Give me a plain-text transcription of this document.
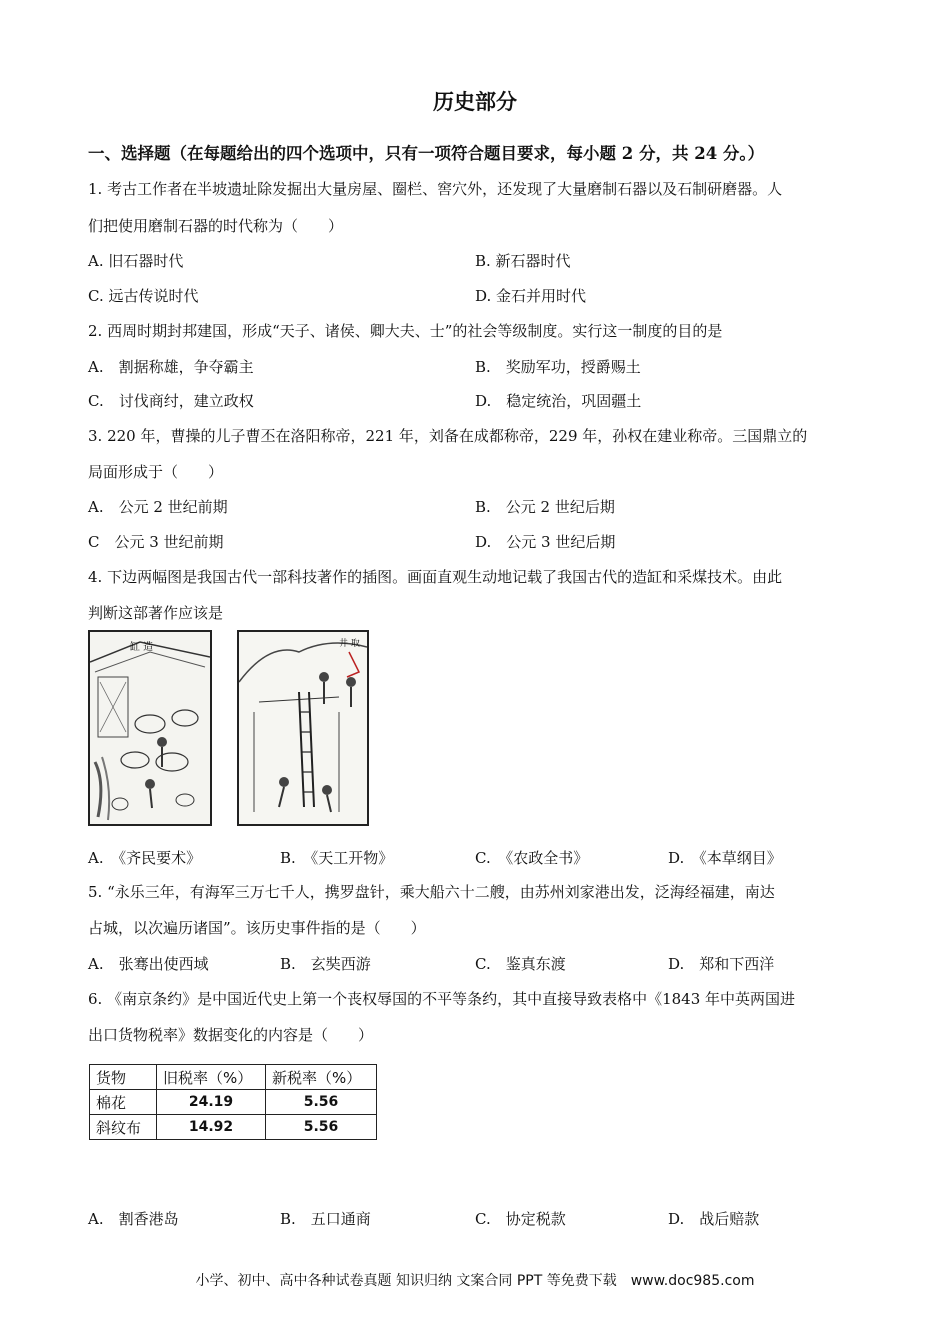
历史部分
一、选择题（在每题给出的四个选项中，只有一项符合题目要求，每小题 2 分，共 24 分。）
1. 考古工作者在半坡遗址除发掘出大量房屋、圈栏、窖穴外，还发现了大量磨制石器以及石制研磨器。人
们把使用磨制石器的时代称为（　　）
A. 旧石器时代	B. 新石器时代
C. 远古传说时代	D. 金石并用时代
2. 西周时期封邦建国，形成“天子、诸侯、卿大夫、士”的社会等级制度。实行这一制度的目的是
A.　割据称雄，争夺霸主	B.　奖励军功，授爵赐土
C.　讨伐商纣，建立政权	D.　稳定统治，巩固疆土
3. 220 年，曹操的儿子曹丕在洛阳称帝，221 年，刘备在成都称帝，229 年，孙权在建业称帝。三国鼎立的
局面形成于（　　）
A.　公元 2 世纪前期	B.　公元 2 世纪后期
C　公元 3 世纪前期	D.　公元 3 世纪后期
4. 下边两幅图是我国古代一部科技著作的插图。画面直观生动地记载了我国古代的造缸和采煤技术。由此
判断这部著作应该是
缸 造	井 取
A.　《齐民要术》	B.　《天工开物》	C.　《农政全书》	D.　《本草纲目》
5. “永乐三年，有海军三万七千人，携罗盘针，乘大船六十二艘，由苏州刘家港出发，泛海经福建，南达
占城，以次遍历诸国”。该历史事件指的是（　　）
A.　张骞出使西域	B.　玄奘西游	C.　鉴真东渡	D.　郑和下西洋
6. 《南京条约》是中国近代史上第一个丧权辱国的不平等条约，其中直接导致表格中《1843 年中英两国进
出口货物税率》数据变化的内容是（　　）
货物	旧税率（%）	新税率（%）
棉花	24.19	5.56
斜纹布	14.92	5.56
A.　割香港岛	B.　五口通商	C.　协定税款	D.　战后赔款
小学、初中、高中各种试卷真题 知识归纳 文案合同 PPT 等免费下载　www.doc985.com
